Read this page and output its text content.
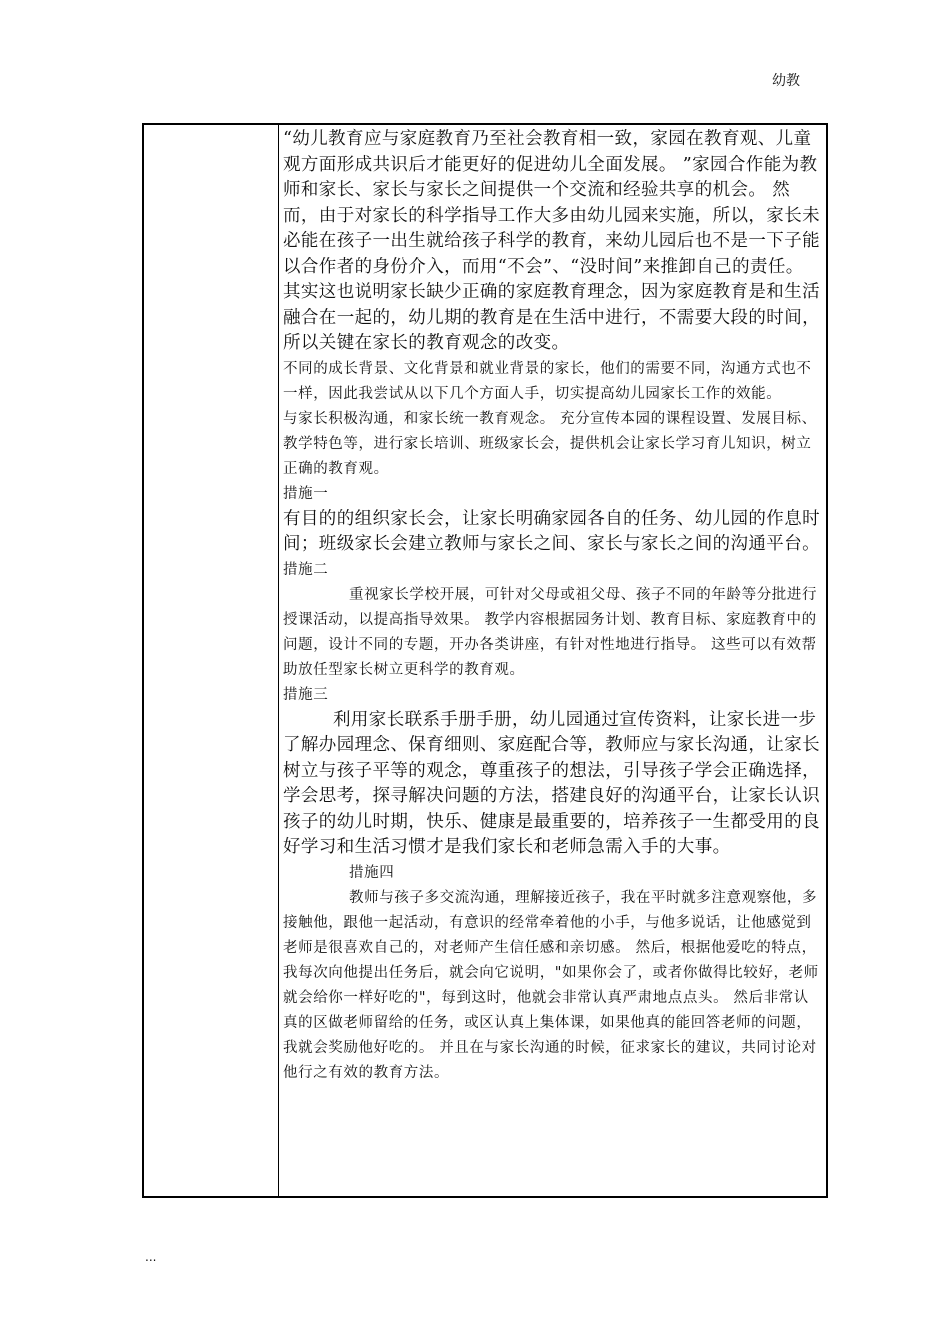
幼教

“幼儿教育应与家庭教育乃至社会教育相一致，家园在教育观、儿童观方面形成共识后才能更好的促进幼儿全面发展。 ”家园合作能为教师和家长、家长与家长之间提供一个交流和经验共享的机会。 然而，由于对家长的科学指导工作大多由幼儿园来实施，所以，家长未必能在孩子一出生就给孩子科学的教育，来幼儿园后也不是一下子能以合作者的身份介入，而用“不会”、“没时间”来推卸自己的责任。 其实这也说明家长缺少正确的家庭教育理念，因为家庭教育是和生活融合在一起的，幼儿期的教育是在生活中进行，不需要大段的时间，所以关键在家长的教育观念的改变。

不同的成长背景、文化背景和就业背景的家长，他们的需要不同，沟通方式也不一样，因此我尝试从以下几个方面人手，切实提高幼儿园家长工作的效能。

与家长积极沟通，和家长统一教育观念。 充分宣传本园的课程设置、发展目标、教学特色等，进行家长培训、班级家长会，提供机会让家长学习育儿知识，树立正确的教育观。

措施一

有目的的组织家长会，让家长明确家园各自的任务、幼儿园的作息时间；班级家长会建立教师与家长之间、家长与家长之间的沟通平台。

措施二

重视家长学校开展，可针对父母或祖父母、孩子不同的年龄等分批进行授课活动，以提高指导效果。 教学内容根据园务计划、教育目标、家庭教育中的问题，设计不同的专题，开办各类讲座，有针对性地进行指导。 这些可以有效帮助放任型家长树立更科学的教育观。

措施三

利用家长联系手册手册，幼儿园通过宣传资料，让家长进一步了解办园理念、保育细则、家庭配合等，教师应与家长沟通，让家长树立与孩子平等的观念，尊重孩子的想法，引导孩子学会正确选择，学会思考，探寻解决问题的方法，搭建良好的沟通平台，让家长认识孩子的幼儿时期，快乐、健康是最重要的，培养孩子一生都受用的良好学习和生活习惯才是我们家长和老师急需入手的大事。

措施四

教师与孩子多交流沟通，理解接近孩子，我在平时就多注意观察他，多接触他，跟他一起活动，有意识的经常牵着他的小手，与他多说话，让他感觉到老师是很喜欢自己的，对老师产生信任感和亲切感。 然后，根据他爱吃的特点，我每次向他提出任务后，就会向它说明，"如果你会了，或者你做得比较好，老师就会给你一样好吃的"，每到这时，他就会非常认真严肃地点点头。 然后非常认真的区做老师留给的任务，或区认真上集体课，如果他真的能回答老师的问题，我就会奖励他好吃的。 并且在与家长沟通的时候，征求家长的建议，共同讨论对他行之有效的教育方法。

...
